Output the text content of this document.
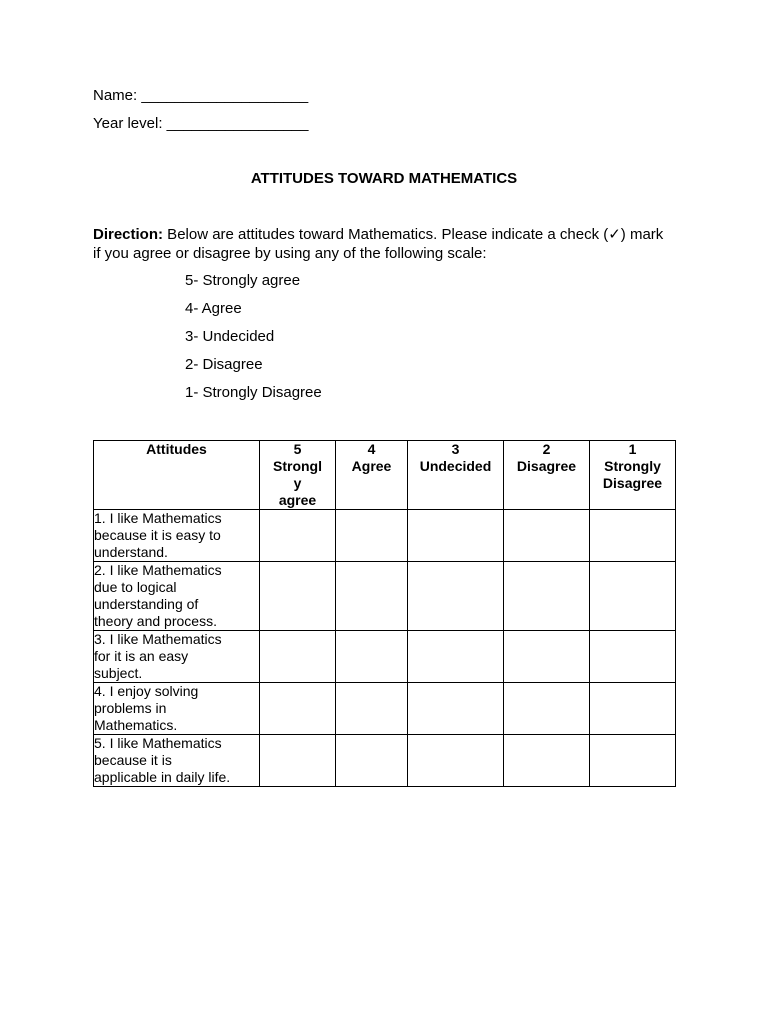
Name: ____________________
Year level: _________________
ATTITUDES TOWARD MATHEMATICS
Direction: Below are attitudes toward Mathematics. Please indicate a check (✓) mark if you agree or disagree by using any of the following scale:
5- Strongly agree
4- Agree
3- Undecided
2- Disagree
1- Strongly Disagree
Attitudes	5
Strongl
y
agree	4
Agree	3
Undecided	2
Disagree	1
Strongly
Disagree

1. I like Mathematics
because it is easy to
understand.					

2. I like Mathematics
due to logical
understanding of
theory and process.					

3. I like Mathematics
for it is an easy
subject.					

4. I enjoy solving
problems in
Mathematics.					

5. I like Mathematics
because it is
applicable in daily life.					
